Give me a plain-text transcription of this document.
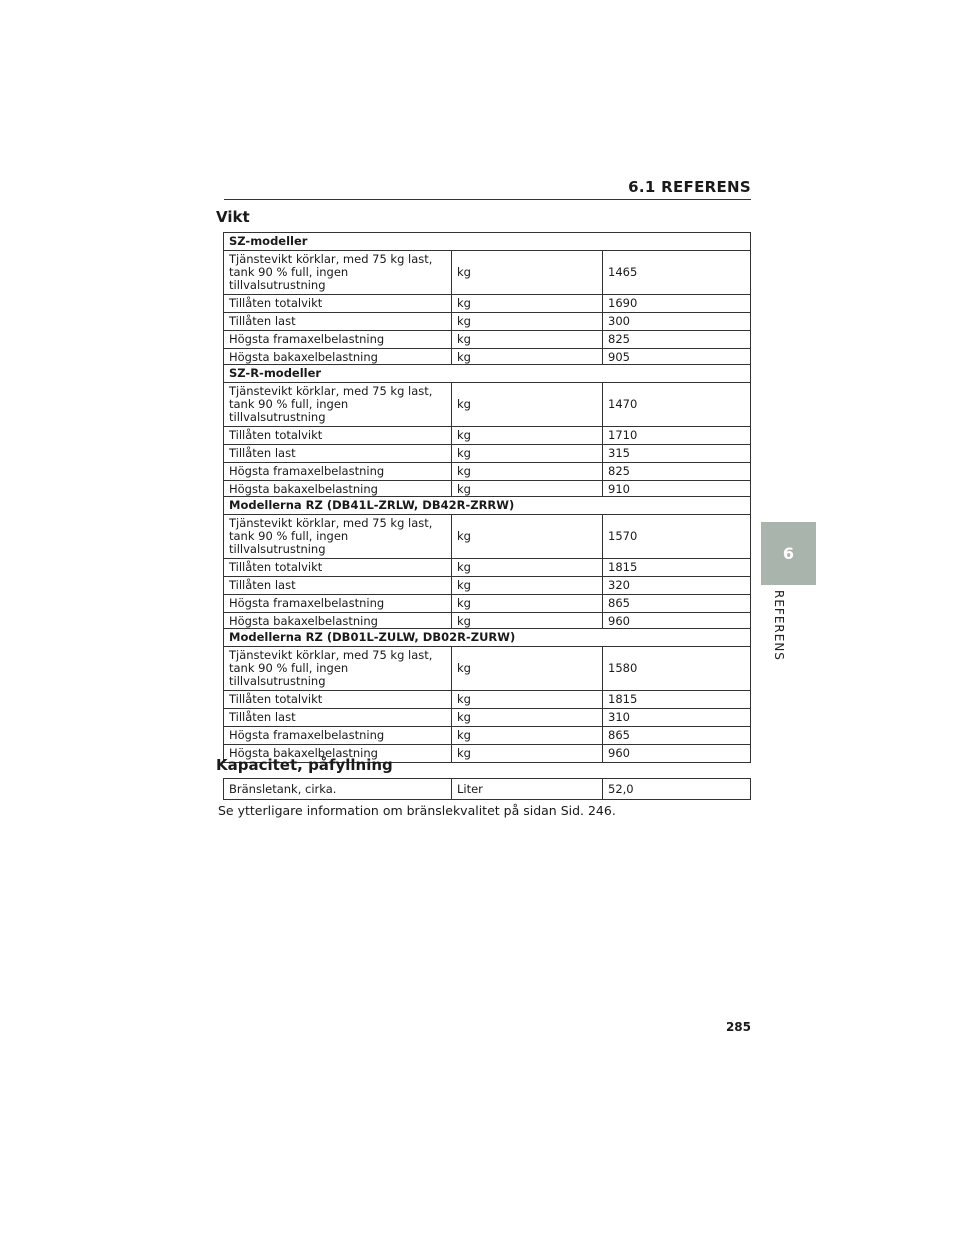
6.1 REFERENS
Vikt
SZ-modeller		
Tjänstevikt körklar, med 75 kg last, tank 90 % full, ingen tillvalsutrustning	kg	1465
Tillåten totalvikt	kg	1690
Tillåten last	kg	300
Högsta framaxelbelastning	kg	825
Högsta bakaxelbelastning	kg	905
SZ-R-modeller		
Tjänstevikt körklar, med 75 kg last, tank 90 % full, ingen tillvalsutrustning	kg	1470
Tillåten totalvikt	kg	1710
Tillåten last	kg	315
Högsta framaxelbelastning	kg	825
Högsta bakaxelbelastning	kg	910
Modellerna RZ (DB41L-ZRLW, DB42R-ZRRW)		
Tjänstevikt körklar, med 75 kg last, tank 90 % full, ingen tillvalsutrustning	kg	1570
Tillåten totalvikt	kg	1815
Tillåten last	kg	320
Högsta framaxelbelastning	kg	865
Högsta bakaxelbelastning	kg	960
Modellerna RZ (DB01L-ZULW, DB02R-ZURW)		
Tjänstevikt körklar, med 75 kg last, tank 90 % full, ingen tillvalsutrustning	kg	1580
Tillåten totalvikt	kg	1815
Tillåten last	kg	310
Högsta framaxelbelastning	kg	865
Högsta bakaxelbelastning	kg	960
Kapacitet, påfyllning
Bränsletank, cirka.	Liter	52,0
Se ytterligare information om bränslekvalitet på sidan Sid. 246.
6
REFERENS
285
